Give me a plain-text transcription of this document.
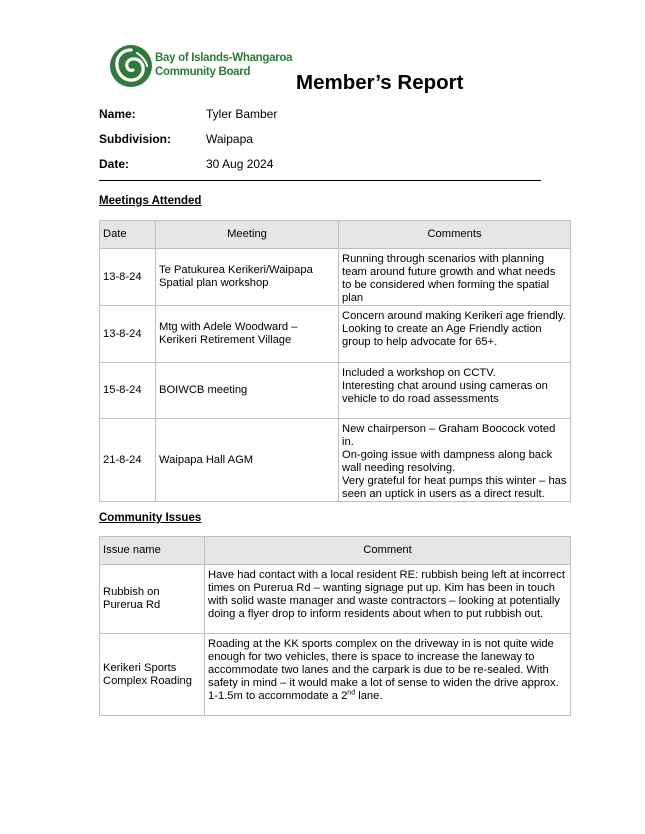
Bay of Islands-Whangaroa
Community Board	Member’s Report
Name:	Tyler Bamber
Subdivision:	Waipapa
Date:	30 Aug 2024
Meetings Attended
Date	Meeting	Comments
13-8-24	Te Patukurea Kerikeri/Waipapa Spatial plan workshop	Running through scenarios with planning team around future growth and what needs to be considered when forming the spatial plan

13-8-24	Mtg with Adele Woodward – Kerikeri Retirement Village	Concern around making Kerikeri age friendly. Looking to create an Age Friendly action group to help advocate for 65+.

15-8-24	BOIWCB meeting	Included a workshop on CCTV.
Interesting chat around using cameras on vehicle to do road assessments

21-8-24	Waipapa Hall AGM	New chairperson – Graham Boocock voted in.
On-going issue with dampness along back wall needing resolving.
Very grateful for heat pumps this winter – has seen an uptick in users as a direct result.
Community Issues
Issue name	Comment
Rubbish on Purerua Rd	Have had contact with a local resident RE: rubbish being left at incorrect times on Purerua Rd – wanting signage put up. Kim has been in touch with solid waste manager and waste contractors – looking at potentially doing a flyer drop to inform residents about when to put rubbish out.
Kerikeri Sports Complex Roading	Roading at the KK sports complex on the driveway in is not quite wide enough for two vehicles, there is space to increase the laneway to accommodate two lanes and the carpark is due to be re-sealed. With safety in mind – it would make a lot of sense to widen the drive approx. 1-1.5m to accommodate a 2nd lane.
